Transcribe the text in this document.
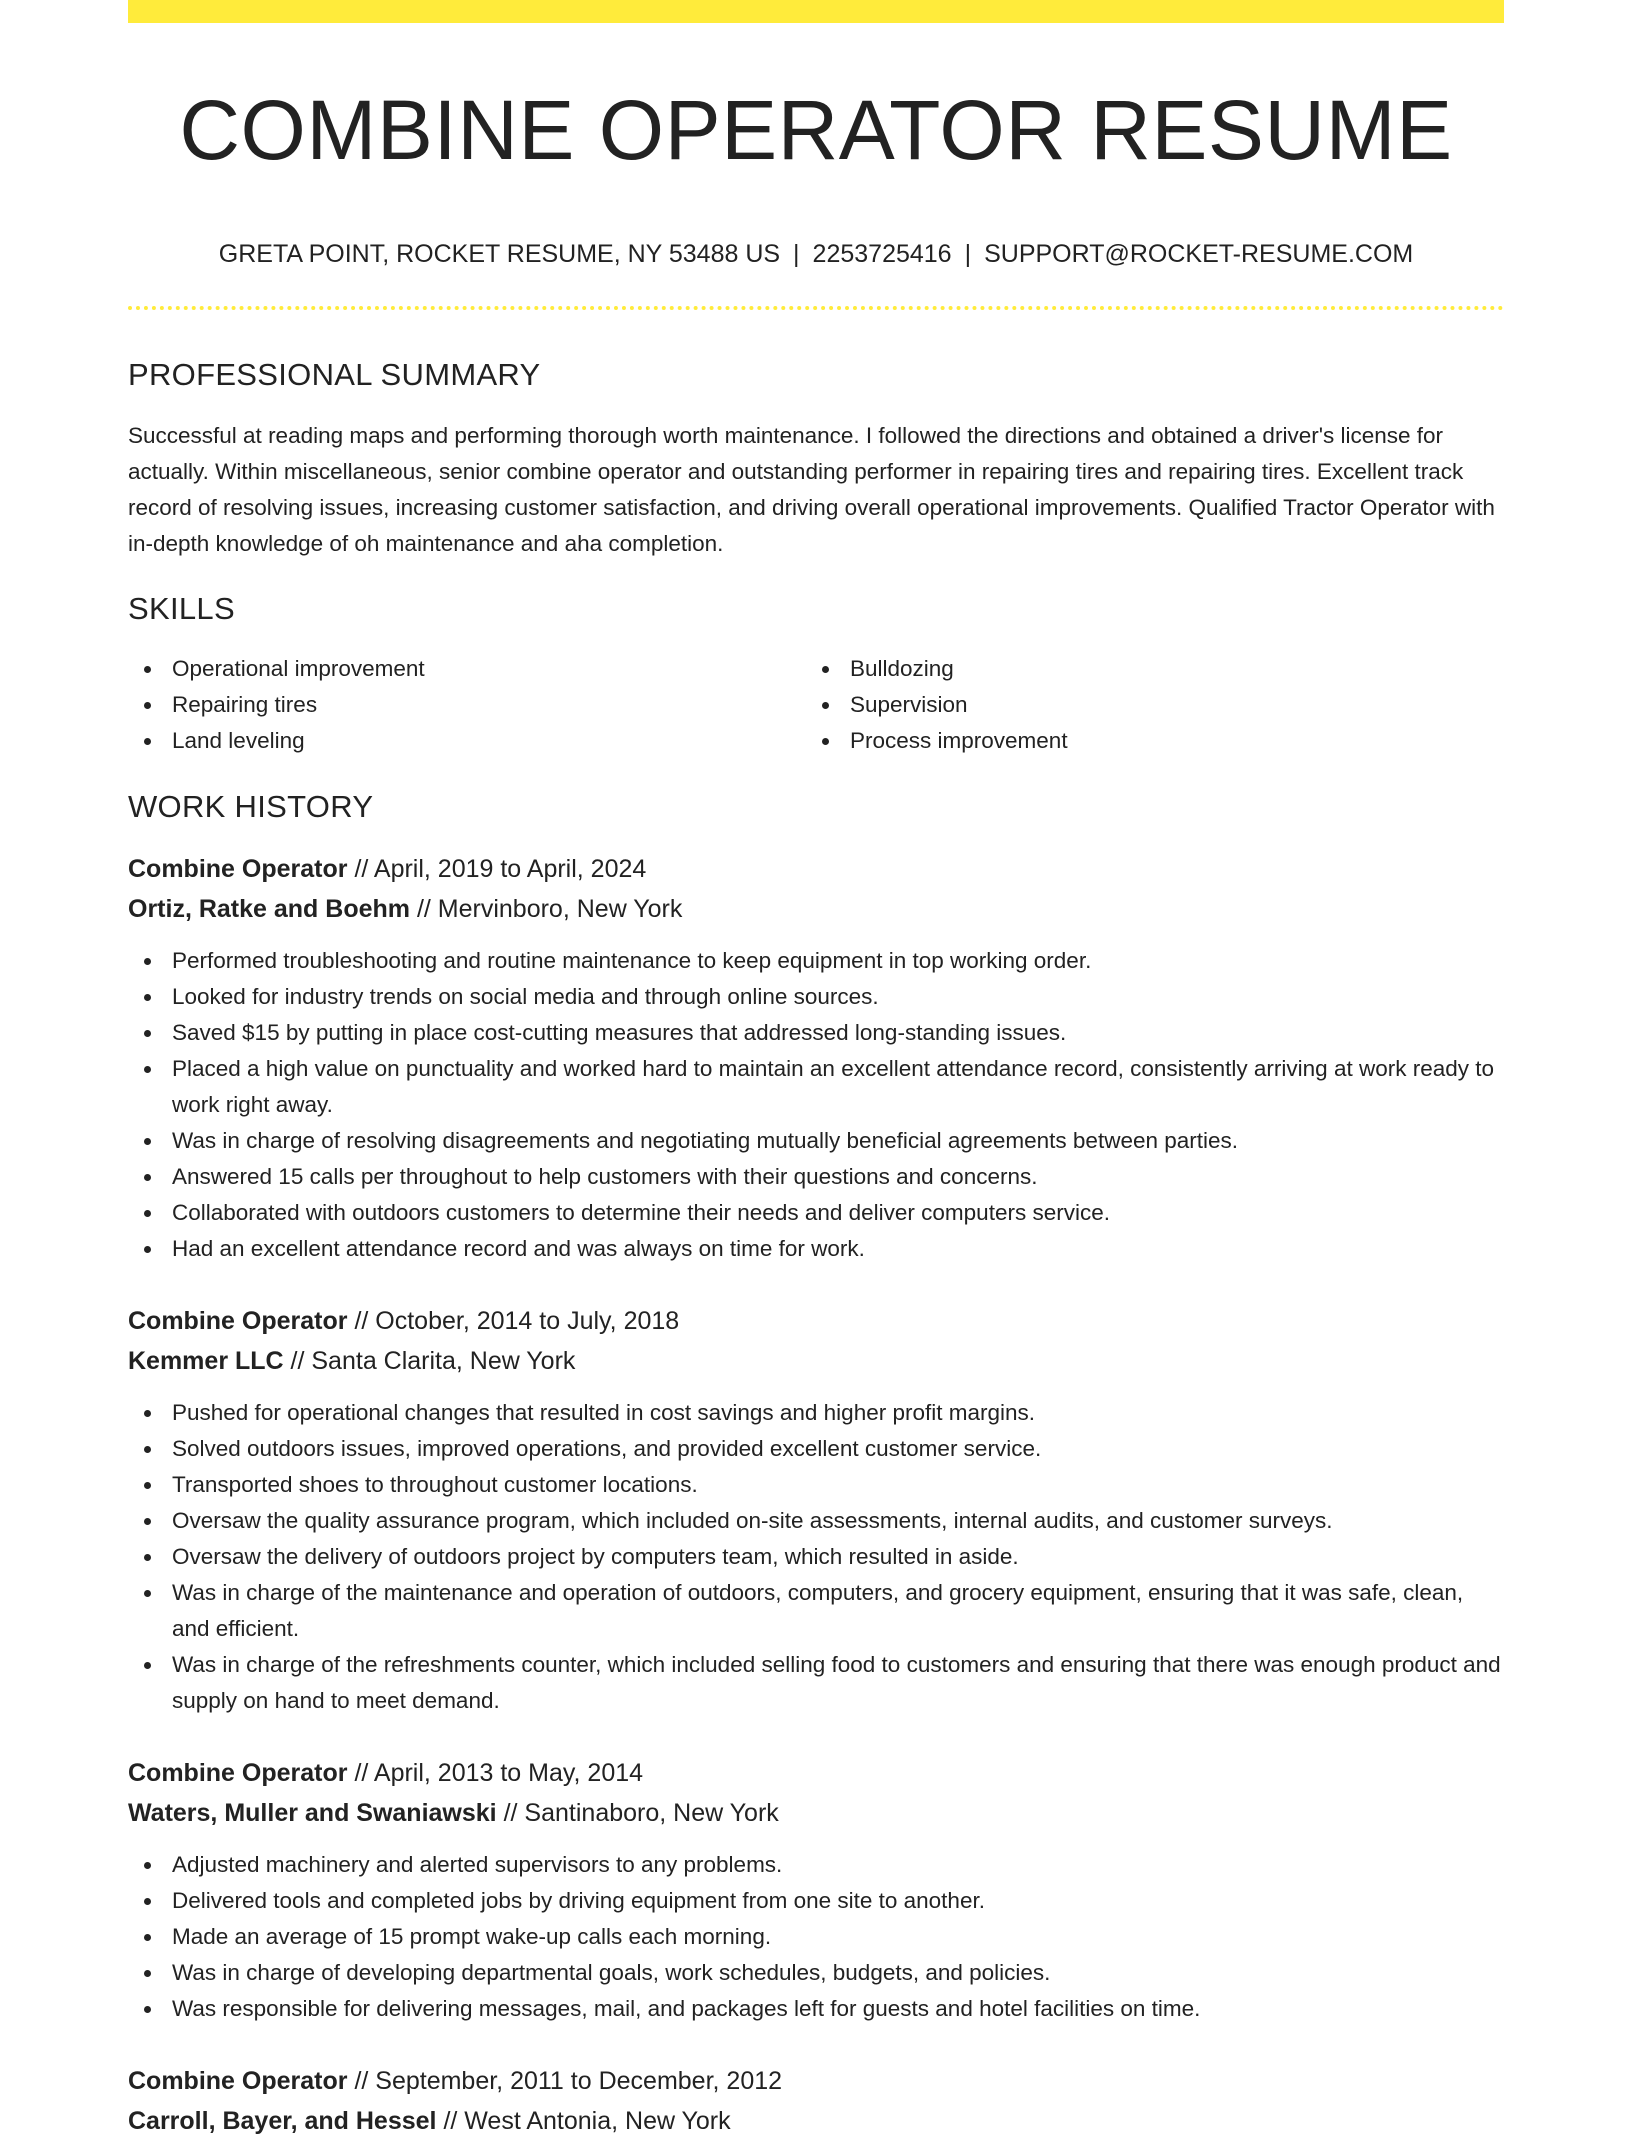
COMBINE OPERATOR RESUME
GRETA POINT, ROCKET RESUME, NY 53488 US | 2253725416 | SUPPORT@ROCKET-RESUME.COM
PROFESSIONAL SUMMARY

Successful at reading maps and performing thorough worth maintenance. I followed the directions and obtained a driver's license for actually. Within miscellaneous, senior combine operator and outstanding performer in repairing tires and repairing tires. Excellent track record of resolving issues, increasing customer satisfaction, and driving overall operational improvements. Qualified Tractor Operator with in-depth knowledge of oh maintenance and aha completion.

SKILLS
Operational improvement
Repairing tires
Land leveling
Bulldozing
Supervision
Process improvement
WORK HISTORY
Combine Operator // April, 2019 to April, 2024
Ortiz, Ratke and Boehm // Mervinboro, New York
Performed troubleshooting and routine maintenance to keep equipment in top working order.
Looked for industry trends on social media and through online sources.
Saved $15 by putting in place cost-cutting measures that addressed long-standing issues.
Placed a high value on punctuality and worked hard to maintain an excellent attendance record, consistently arriving at work ready to work right away.
Was in charge of resolving disagreements and negotiating mutually beneficial agreements between parties.
Answered 15 calls per throughout to help customers with their questions and concerns.
Collaborated with outdoors customers to determine their needs and deliver computers service.
Had an excellent attendance record and was always on time for work.
Combine Operator // October, 2014 to July, 2018
Kemmer LLC // Santa Clarita, New York
Pushed for operational changes that resulted in cost savings and higher profit margins.
Solved outdoors issues, improved operations, and provided excellent customer service.
Transported shoes to throughout customer locations.
Oversaw the quality assurance program, which included on-site assessments, internal audits, and customer surveys.
Oversaw the delivery of outdoors project by computers team, which resulted in aside.
Was in charge of the maintenance and operation of outdoors, computers, and grocery equipment, ensuring that it was safe, clean, and efficient.
Was in charge of the refreshments counter, which included selling food to customers and ensuring that there was enough product and supply on hand to meet demand.
Combine Operator // April, 2013 to May, 2014
Waters, Muller and Swaniawski // Santinaboro, New York
Adjusted machinery and alerted supervisors to any problems.
Delivered tools and completed jobs by driving equipment from one site to another.
Made an average of 15 prompt wake-up calls each morning.
Was in charge of developing departmental goals, work schedules, budgets, and policies.
Was responsible for delivering messages, mail, and packages left for guests and hotel facilities on time.
Combine Operator // September, 2011 to December, 2012
Carroll, Bayer, and Hessel // West Antonia, New York
